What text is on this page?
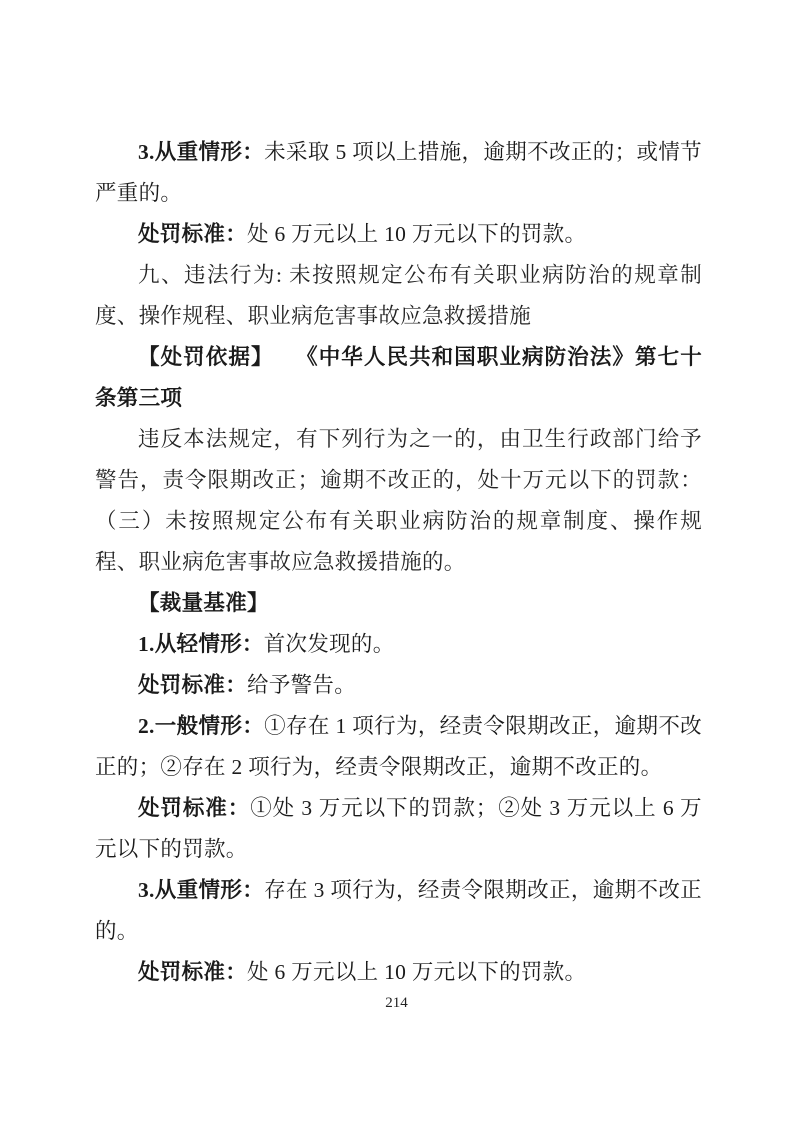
3.从重情形：未采取 5 项以上措施，逾期不改正的；或情节严重的。

处罚标准：处 6 万元以上 10 万元以下的罚款。

九、违法行为: 未按照规定公布有关职业病防治的规章制度、操作规程、职业病危害事故应急救援措施

【处罚依据】 《中华人民共和国职业病防治法》第七十条第三项

违反本法规定，有下列行为之一的，由卫生行政部门给予警告，责令限期改正；逾期不改正的，处十万元以下的罚款：（三）未按照规定公布有关职业病防治的规章制度、操作规程、职业病危害事故应急救援措施的。

【裁量基准】

1.从轻情形：首次发现的。

处罚标准：给予警告。

2.一般情形：①存在 1 项行为，经责令限期改正，逾期不改正的；②存在 2 项行为，经责令限期改正，逾期不改正的。

处罚标准：①处 3 万元以下的罚款；②处 3 万元以上 6 万元以下的罚款。

3.从重情形：存在 3 项行为，经责令限期改正，逾期不改正的。

处罚标准：处 6 万元以上 10 万元以下的罚款。

214
